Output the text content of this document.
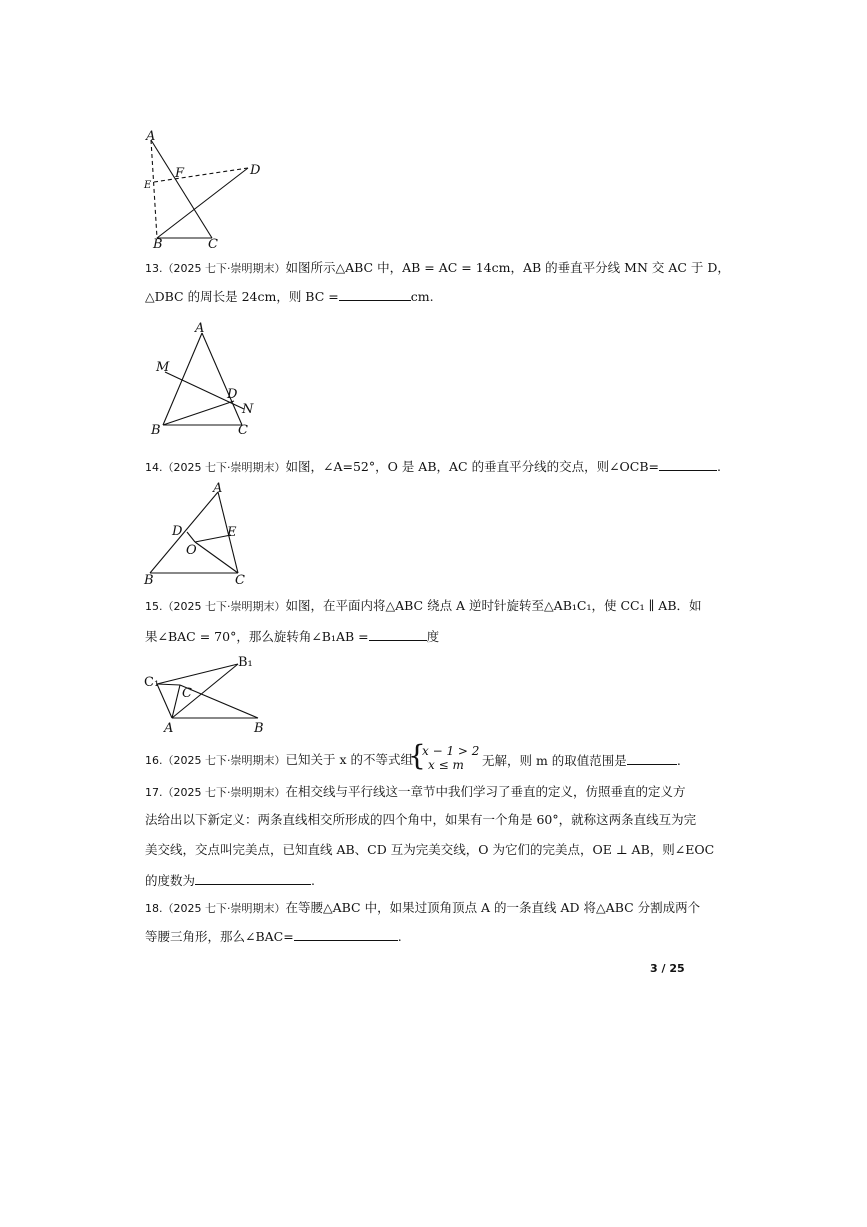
A
F	D
E
B	C
13.（2025 七下·崇明期末）如图所示△ABC 中，AB = AC = 14cm，AB 的垂直平分线 MN 交 AC 于 D，
△DBC 的周长是 24cm，则 BC =	cm.
A
M
D
N
B	C
14.（2025 七下·崇明期末）如图，∠A=52°，O 是 AB，AC 的垂直平分线的交点，则∠OCB=	.
A
D	E
O
B	C
15.（2025 七下·崇明期末）如图，在平面内将△ABC 绕点 A 逆时针旋转至△AB₁C₁，使 CC₁ ∥ AB．如
果∠BAC = 70°，那么旋转角∠B₁AB =	度
C₁
B₁
C
A	B
16.（2025 七下·崇明期末）已知关于 x 的不等式组
{
x − 1 > 2
x ≤ m 无解，则 m 的取值范围是	.
17.（2025 七下·崇明期末）在相交线与平行线这一章节中我们学习了垂直的定义，仿照垂直的定义方
法给出以下新定义：两条直线相交所形成的四个角中，如果有一个角是 60°，就称这两条直线互为完
美交线，交点叫完美点，已知直线 AB、CD 互为完美交线，O 为它们的完美点，OE ⊥ AB，则∠EOC
的度数为	.
18.（2025 七下·崇明期末）在等腰△ABC 中，如果过顶角顶点 A 的一条直线 AD 将△ABC 分割成两个
等腰三角形，那么∠BAC=	.
3 / 25
